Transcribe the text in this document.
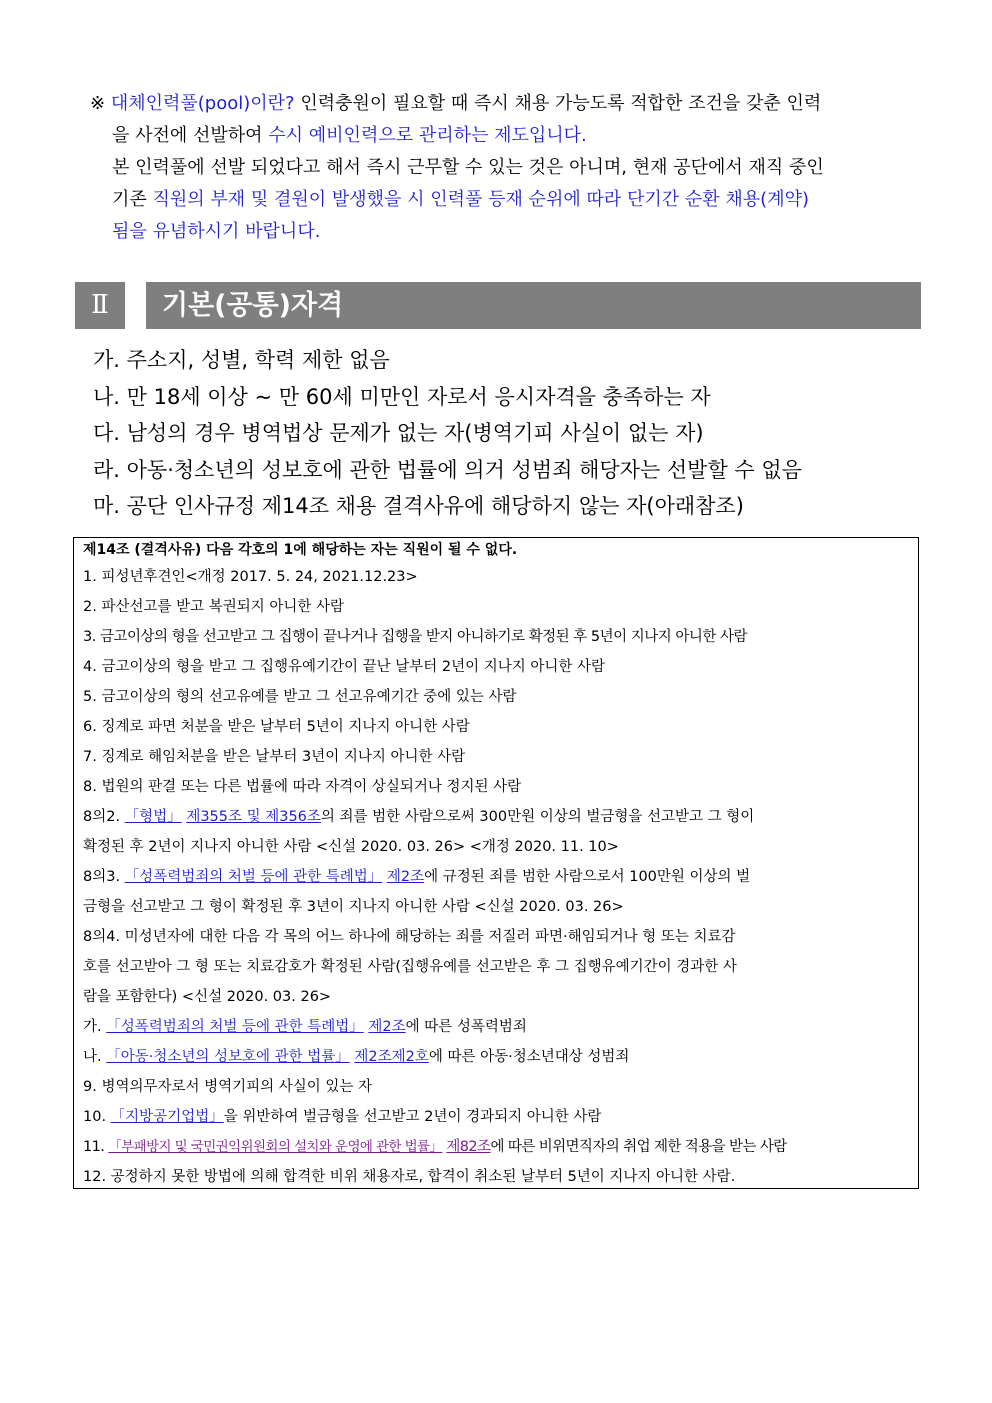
※ 대체인력풀(pool)이란? 인력충원이 필요할 때 즉시 채용 가능도록 적합한 조건을 갖춘 인력
을 사전에 선발하여 수시 예비인력으로 관리하는 제도입니다.
본 인력풀에 선발 되었다고 해서 즉시 근무할 수 있는 것은 아니며, 현재 공단에서 재직 중인
기존 직원의 부재 및 결원이 발생했을 시 인력풀 등재 순위에 따라 단기간 순환 채용(계약)
됨을 유념하시기 바랍니다.
Ⅱ	기본(공통)자격
가. 주소지, 성별, 학력 제한 없음
나. 만 18세 이상 ~ 만 60세 미만인 자로서 응시자격을 충족하는 자
다. 남성의 경우 병역법상 문제가 없는 자(병역기피 사실이 없는 자)
라. 아동·청소년의 성보호에 관한 법률에 의거 성범죄 해당자는 선발할 수 없음
마. 공단 인사규정 제14조 채용 결격사유에 해당하지 않는 자(아래참조)
제14조 (결격사유) 다음 각호의 1에 해당하는 자는 직원이 될 수 없다.
1. 피성년후견인<개정 2017. 5. 24, 2021.12.23>
2. 파산선고를 받고 복권되지 아니한 사람
3. 금고이상의 형을 선고받고 그 집행이 끝나거나 집행을 받지 아니하기로 확정된 후 5년이 지나지 아니한 사람
4. 금고이상의 형을 받고 그 집행유예기간이 끝난 날부터 2년이 지나지 아니한 사람
5. 금고이상의 형의 선고유예를 받고 그 선고유예기간 중에 있는 사람
6. 징계로 파면 처분을 받은 날부터 5년이 지나지 아니한 사람
7. 징계로 해임처분을 받은 날부터 3년이 지나지 아니한 사람
8. 법원의 판결 또는 다른 법률에 따라 자격이 상실되거나 정지된 사람
8의2. 「형법」 제355조 및 제356조의 죄를 범한 사람으로써 300만원 이상의 벌금형을 선고받고 그 형이
확정된 후 2년이 지나지 아니한 사람 <신설 2020. 03. 26> <개정 2020. 11. 10>
8의3. 「성폭력범죄의 처벌 등에 관한 특례법」 제2조에 규정된 죄를 범한 사람으로서 100만원 이상의 벌
금형을 선고받고 그 형이 확정된 후 3년이 지나지 아니한 사람 <신설 2020. 03. 26>
8의4. 미성년자에 대한 다음 각 목의 어느 하나에 해당하는 죄를 저질러 파면·해임되거나 형 또는 치료감
호를 선고받아 그 형 또는 치료감호가 확정된 사람(집행유예를 선고받은 후 그 집행유예기간이 경과한 사
람을 포함한다) <신설 2020. 03. 26>
가. 「성폭력범죄의 처벌 등에 관한 특례법」 제2조에 따른 성폭력범죄
나. 「아동·청소년의 성보호에 관한 법률」 제2조제2호에 따른 아동·청소년대상 성범죄
9. 병역의무자로서 병역기피의 사실이 있는 자
10. 「지방공기업법」을 위반하여 벌금형을 선고받고 2년이 경과되지 아니한 사람
11. 「부패방지 및 국민권익위원회의 설치와 운영에 관한 법률」 제82조에 따른 비위면직자의 취업 제한 적용을 받는 사람
12. 공정하지 못한 방법에 의해 합격한 비위 채용자로, 합격이 취소된 날부터 5년이 지나지 아니한 사람.
